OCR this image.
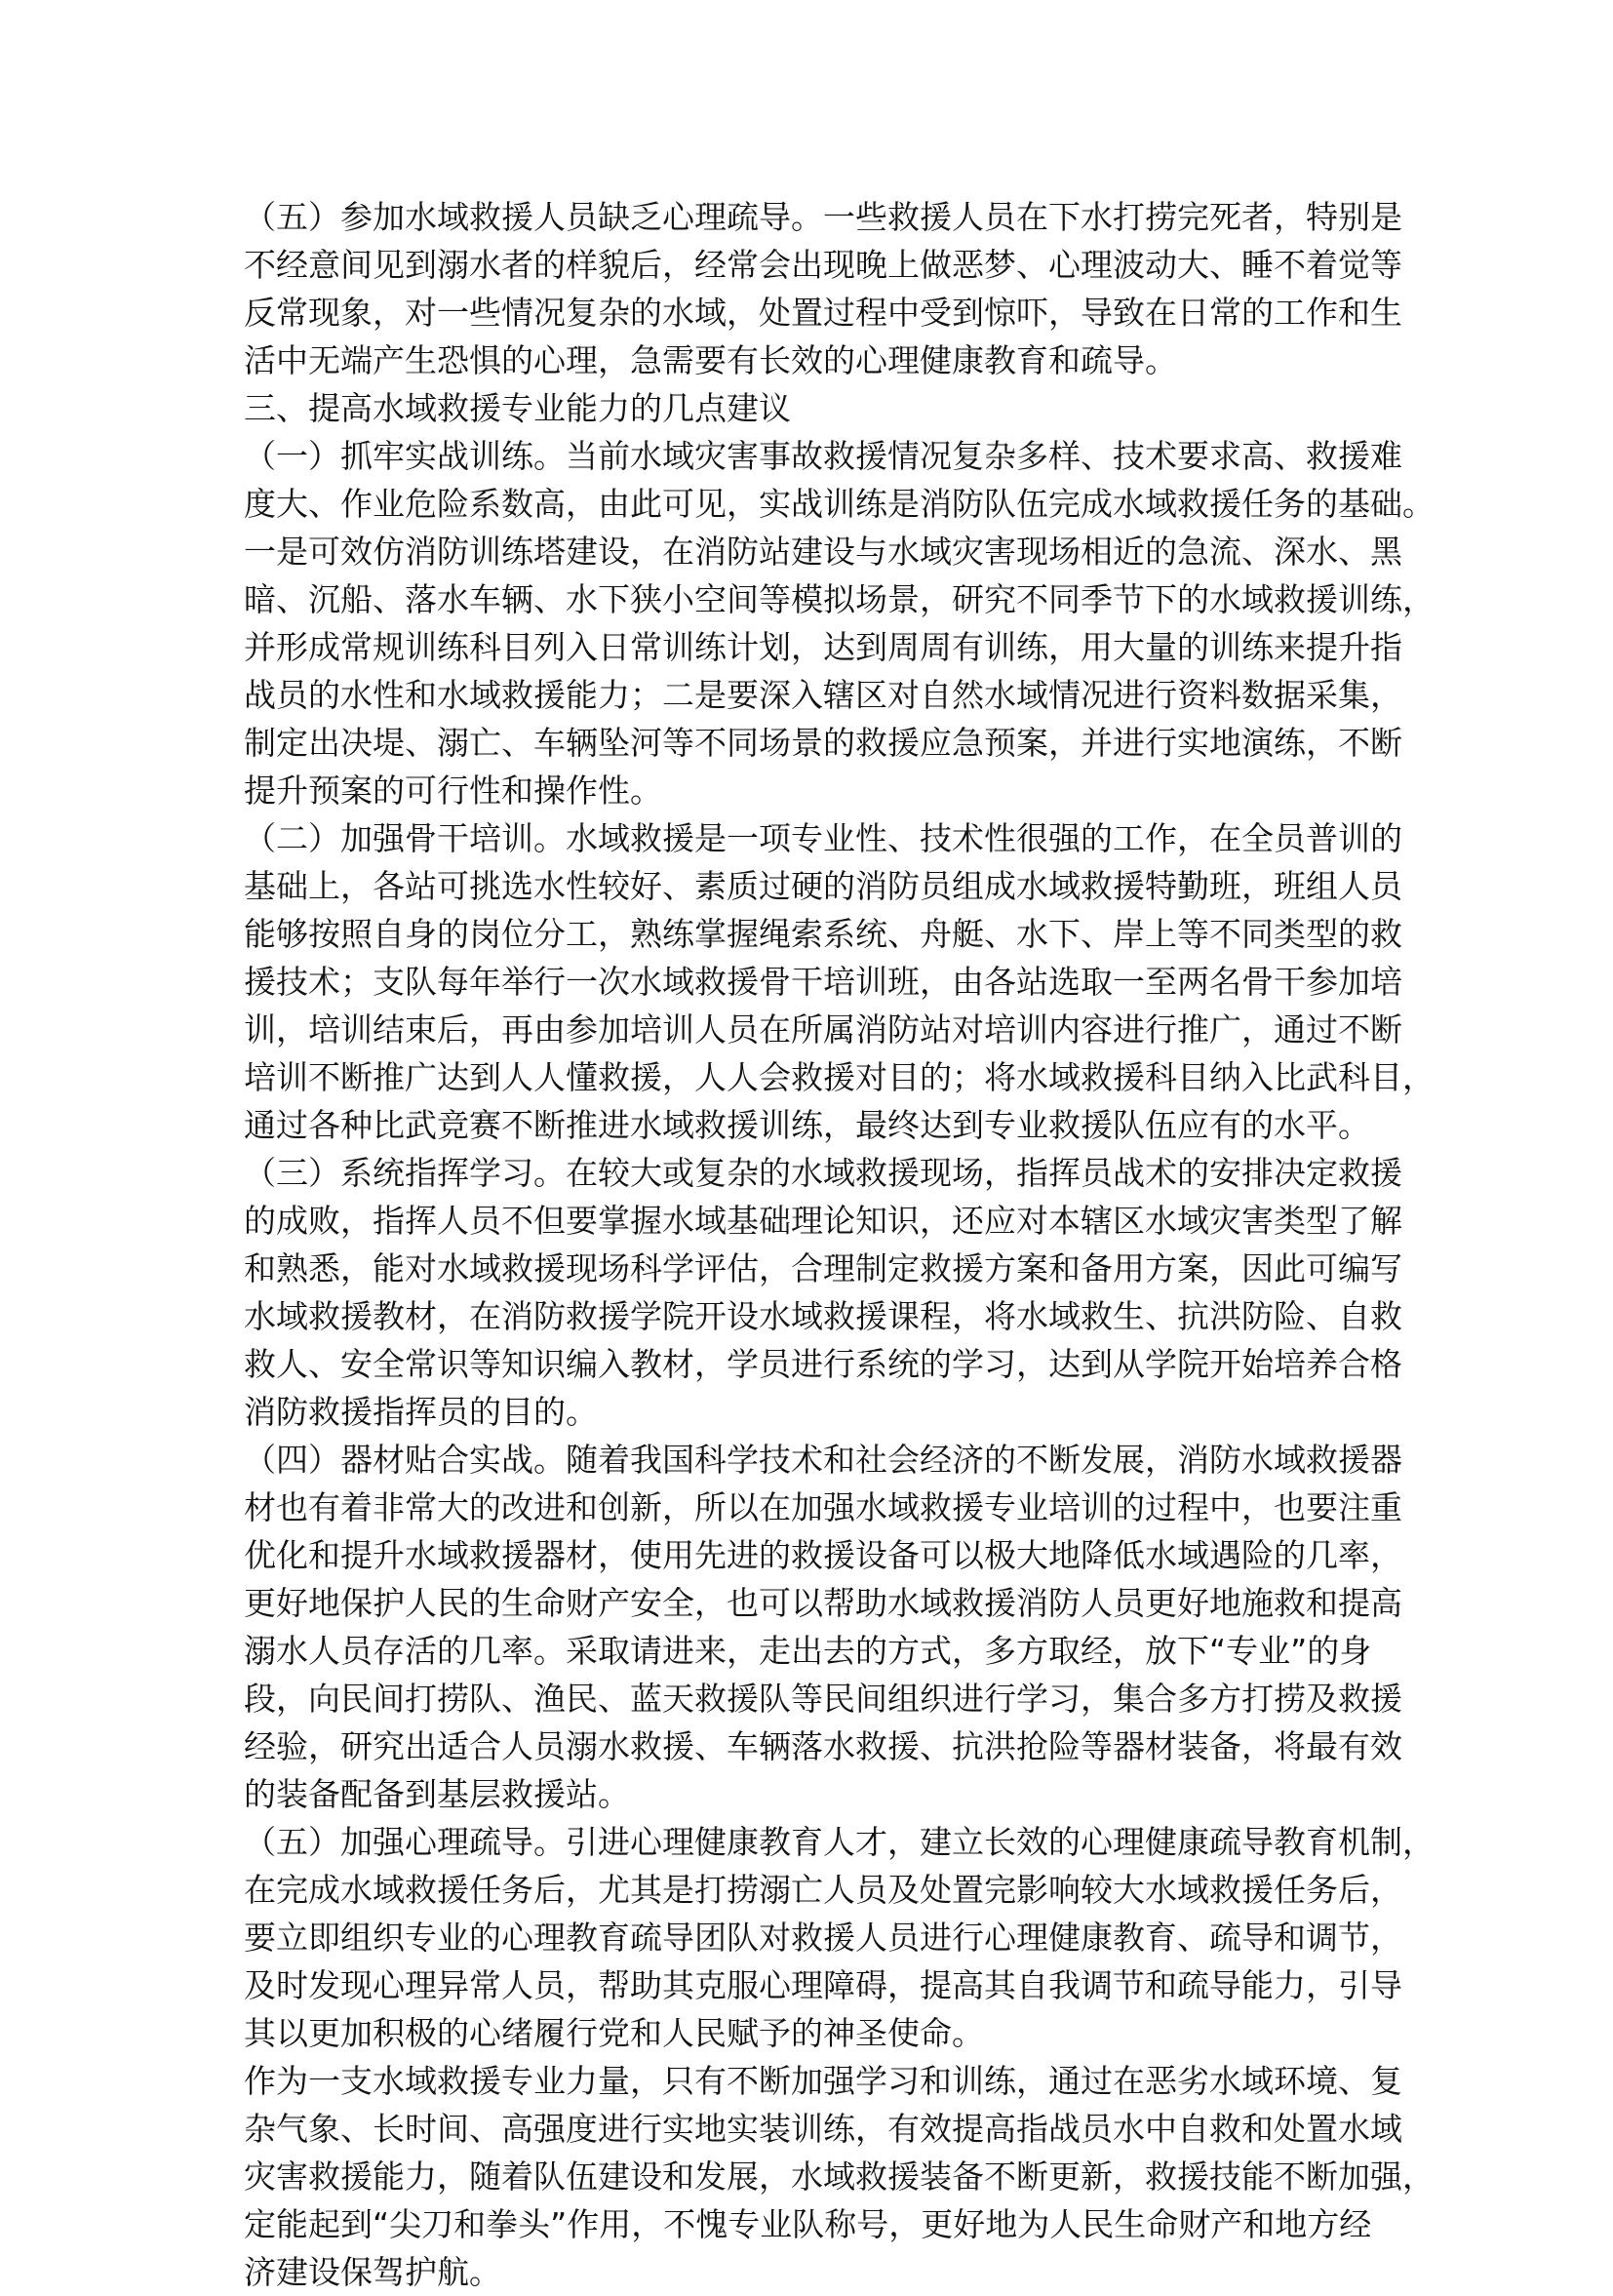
（五）参加水域救援人员缺乏心理疏导。一些救援人员在下水打捞完死者，特别是
不经意间见到溺水者的样貌后，经常会出现晚上做恶梦、心理波动大、睡不着觉等
反常现象，对一些情况复杂的水域，处置过程中受到惊吓，导致在日常的工作和生
活中无端产生恐惧的心理，急需要有长效的心理健康教育和疏导。
三、提高水域救援专业能力的几点建议
（一）抓牢实战训练。当前水域灾害事故救援情况复杂多样、技术要求高、救援难
度大、作业危险系数高，由此可见，实战训练是消防队伍完成水域救援任务的基础。
一是可效仿消防训练塔建设，在消防站建设与水域灾害现场相近的急流、深水、黑
暗、沉船、落水车辆、水下狭小空间等模拟场景，研究不同季节下的水域救援训练，
并形成常规训练科目列入日常训练计划，达到周周有训练，用大量的训练来提升指
战员的水性和水域救援能力；二是要深入辖区对自然水域情况进行资料数据采集，
制定出决堤、溺亡、车辆坠河等不同场景的救援应急预案，并进行实地演练，不断
提升预案的可行性和操作性。
（二）加强骨干培训。水域救援是一项专业性、技术性很强的工作，在全员普训的
基础上，各站可挑选水性较好、素质过硬的消防员组成水域救援特勤班，班组人员
能够按照自身的岗位分工，熟练掌握绳索系统、舟艇、水下、岸上等不同类型的救
援技术；支队每年举行一次水域救援骨干培训班，由各站选取一至两名骨干参加培
训，培训结束后，再由参加培训人员在所属消防站对培训内容进行推广，通过不断
培训不断推广达到人人懂救援，人人会救援对目的；将水域救援科目纳入比武科目，
通过各种比武竞赛不断推进水域救援训练，最终达到专业救援队伍应有的水平。
（三）系统指挥学习。在较大或复杂的水域救援现场，指挥员战术的安排决定救援
的成败，指挥人员不但要掌握水域基础理论知识，还应对本辖区水域灾害类型了解
和熟悉，能对水域救援现场科学评估，合理制定救援方案和备用方案，因此可编写
水域救援教材，在消防救援学院开设水域救援课程，将水域救生、抗洪防险、自救
救人、安全常识等知识编入教材，学员进行系统的学习，达到从学院开始培养合格
消防救援指挥员的目的。
（四）器材贴合实战。随着我国科学技术和社会经济的不断发展，消防水域救援器
材也有着非常大的改进和创新，所以在加强水域救援专业培训的过程中，也要注重
优化和提升水域救援器材，使用先进的救援设备可以极大地降低水域遇险的几率，
更好地保护人民的生命财产安全，也可以帮助水域救援消防人员更好地施救和提高
溺水人员存活的几率。采取请进来，走出去的方式，多方取经，放下“专业”的身
段，向民间打捞队、渔民、蓝天救援队等民间组织进行学习，集合多方打捞及救援
经验，研究出适合人员溺水救援、车辆落水救援、抗洪抢险等器材装备，将最有效
的装备配备到基层救援站。
（五）加强心理疏导。引进心理健康教育人才，建立长效的心理健康疏导教育机制，
在完成水域救援任务后，尤其是打捞溺亡人员及处置完影响较大水域救援任务后，
要立即组织专业的心理教育疏导团队对救援人员进行心理健康教育、疏导和调节，
及时发现心理异常人员，帮助其克服心理障碍，提高其自我调节和疏导能力，引导
其以更加积极的心绪履行党和人民赋予的神圣使命。
作为一支水域救援专业力量，只有不断加强学习和训练，通过在恶劣水域环境、复
杂气象、长时间、高强度进行实地实装训练，有效提高指战员水中自救和处置水域
灾害救援能力，随着队伍建设和发展，水域救援装备不断更新，救援技能不断加强，
定能起到“尖刀和拳头”作用，不愧专业队称号，更好地为人民生命财产和地方经
济建设保驾护航。
